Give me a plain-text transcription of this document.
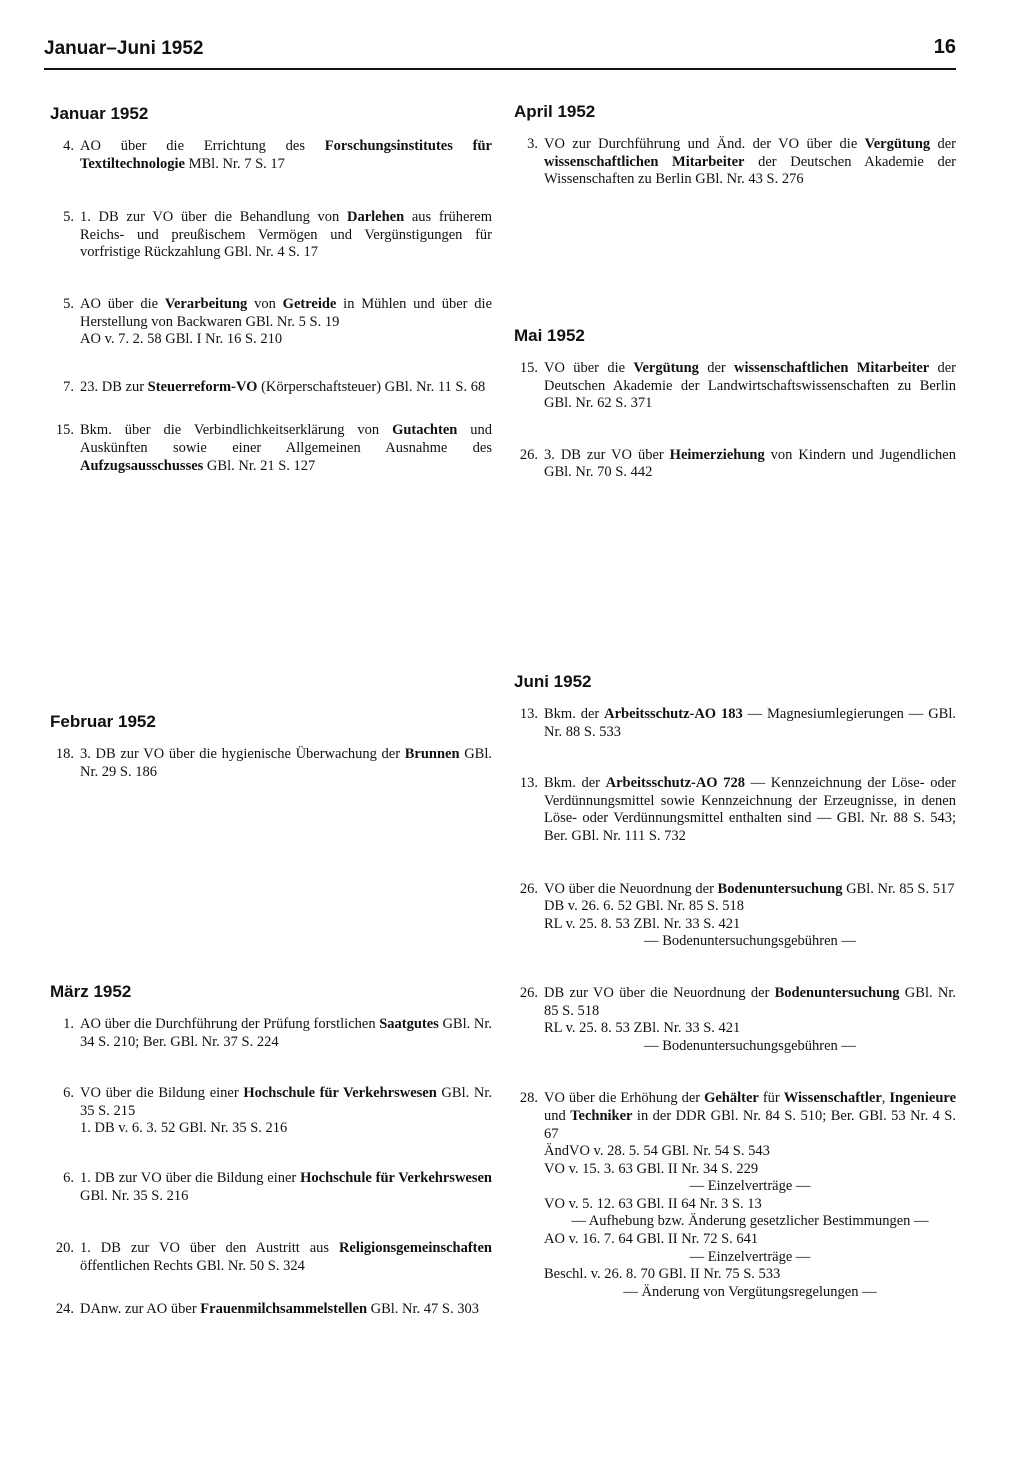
Januar–Juni 1952	16
Januar 1952
4. AO über die Errichtung des Forschungsinstitutes für Textiltechnologie MBl. Nr. 7 S. 17
5. 1. DB zur VO über die Behandlung von Darlehen aus früherem Reichs- und preußischem Vermögen und Vergünstigungen für vorfristige Rückzahlung GBl. Nr. 4 S. 17
5. AO über die Verarbeitung von Getreide in Mühlen und über die Herstellung von Backwaren GBl. Nr. 5 S. 19
AO v. 7. 2. 58 GBl. I Nr. 16 S. 210
7. 23. DB zur Steuerreform-VO (Körperschaftsteuer) GBl. Nr. 11 S. 68
15. Bkm. über die Verbindlichkeitserklärung von Gutachten und Auskünften sowie einer Allgemeinen Ausnahme des Aufzugsausschusses GBl. Nr. 21 S. 127
Februar 1952
18. 3. DB zur VO über die hygienische Überwachung der Brunnen GBl. Nr. 29 S. 186
März 1952
1. AO über die Durchführung der Prüfung forstlichen Saatgutes GBl. Nr. 34 S. 210; Ber. GBl. Nr. 37 S. 224
6. VO über die Bildung einer Hochschule für Verkehrswesen GBl. Nr. 35 S. 215
1. DB v. 6. 3. 52 GBl. Nr. 35 S. 216
6. 1. DB zur VO über die Bildung einer Hochschule für Verkehrswesen GBl. Nr. 35 S. 216
20. 1. DB zur VO über den Austritt aus Religionsgemeinschaften öffentlichen Rechts GBl. Nr. 50 S. 324
24. DAnw. zur AO über Frauenmilchsammelstellen GBl. Nr. 47 S. 303
April 1952
3. VO zur Durchführung und Änd. der VO über die Vergütung der wissenschaftlichen Mitarbeiter der Deutschen Akademie der Wissenschaften zu Berlin GBl. Nr. 43 S. 276
Mai 1952
15. VO über die Vergütung der wissenschaftlichen Mitarbeiter der Deutschen Akademie der Landwirtschaftswissenschaften zu Berlin GBl. Nr. 62 S. 371
26. 3. DB zur VO über Heimerziehung von Kindern und Jugendlichen GBl. Nr. 70 S. 442
Juni 1952
13. Bkm. der Arbeitsschutz-AO 183 — Magnesiumlegierungen — GBl. Nr. 88 S. 533
13. Bkm. der Arbeitsschutz-AO 728 — Kennzeichnung der Löse- oder Verdünnungsmittel sowie Kennzeichnung der Erzeugnisse, in denen Löse- oder Verdünnungsmittel enthalten sind — GBl. Nr. 88 S. 543; Ber. GBl. Nr. 111 S. 732
26. VO über die Neuordnung der Bodenuntersuchung GBl. Nr. 85 S. 517
DB v. 26. 6. 52 GBl. Nr. 85 S. 518
RL v. 25. 8. 53 ZBl. Nr. 33 S. 421
— Bodenuntersuchungsgebühren —
26. DB zur VO über die Neuordnung der Bodenuntersuchung GBl. Nr. 85 S. 518
RL v. 25. 8. 53 ZBl. Nr. 33 S. 421
— Bodenuntersuchungsgebühren —
28. VO über die Erhöhung der Gehälter für Wissenschaftler, Ingenieure und Techniker in der DDR GBl. Nr. 84 S. 510; Ber. GBl. 53 Nr. 4 S. 67
ÄndVO v. 28. 5. 54 GBl. Nr. 54 S. 543
VO v. 15. 3. 63 GBl. II Nr. 34 S. 229
— Einzelverträge —
VO v. 5. 12. 63 GBl. II 64 Nr. 3 S. 13
— Aufhebung bzw. Änderung gesetzlicher Bestimmungen —
AO v. 16. 7. 64 GBl. II Nr. 72 S. 641
— Einzelverträge —
Beschl. v. 26. 8. 70 GBl. II Nr. 75 S. 533
— Änderung von Vergütungsregelungen —
